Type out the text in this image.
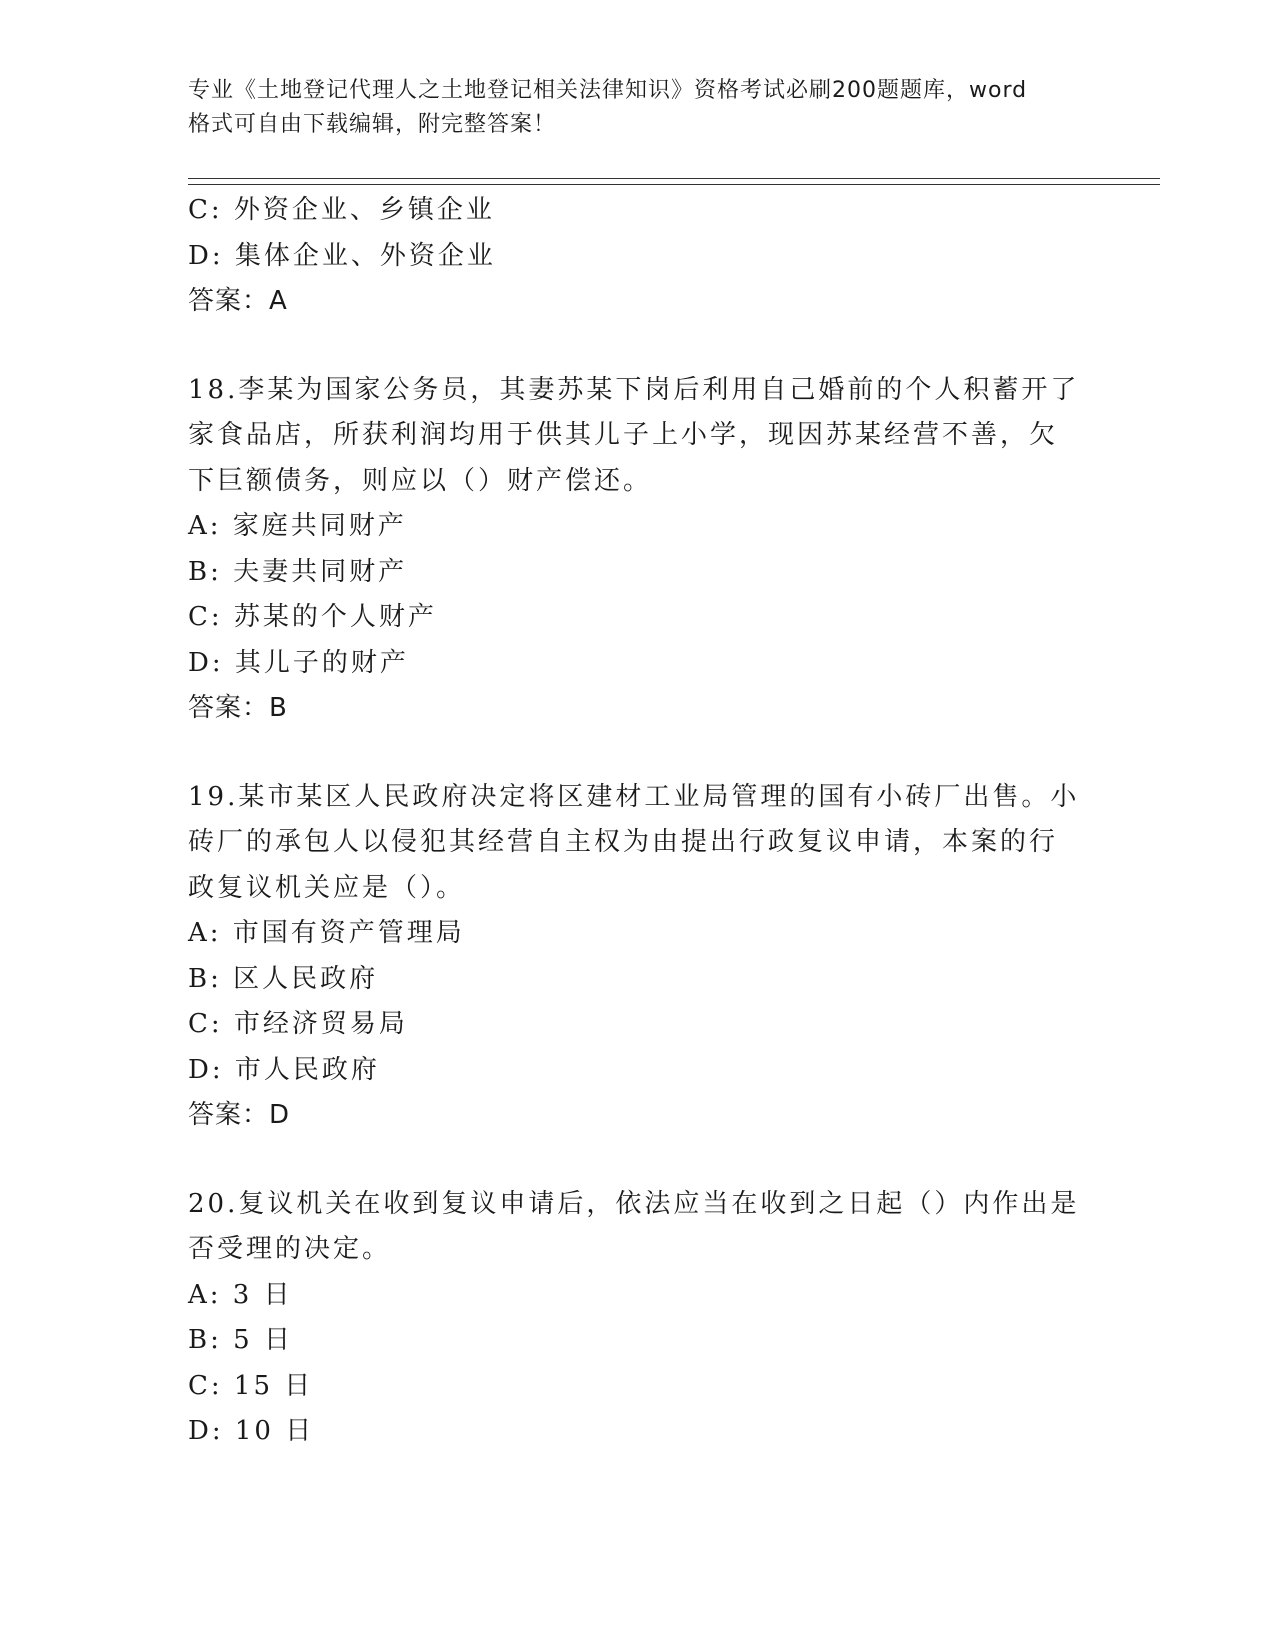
专业《土地登记代理人之土地登记相关法律知识》资格考试必刷200题题库，word
格式可自由下载编辑，附完整答案！
C: 外资企业、乡镇企业
D: 集体企业、外资企业
答案：A
18.李某为国家公务员，其妻苏某下岗后利用自己婚前的个人积蓄开了
家食品店，所获利润均用于供其儿子上小学，现因苏某经营不善，欠
下巨额债务，则应以（）财产偿还。
A: 家庭共同财产
B: 夫妻共同财产
C: 苏某的个人财产
D: 其儿子的财产
答案：B
19.某市某区人民政府决定将区建材工业局管理的国有小砖厂出售。小
砖厂的承包人以侵犯其经营自主权为由提出行政复议申请，本案的行
政复议机关应是（）。
A: 市国有资产管理局
B: 区人民政府
C: 市经济贸易局
D: 市人民政府
答案：D
20.复议机关在收到复议申请后，依法应当在收到之日起（）内作出是
否受理的决定。
A: 3 日
B: 5 日
C: 15 日
D: 10 日
